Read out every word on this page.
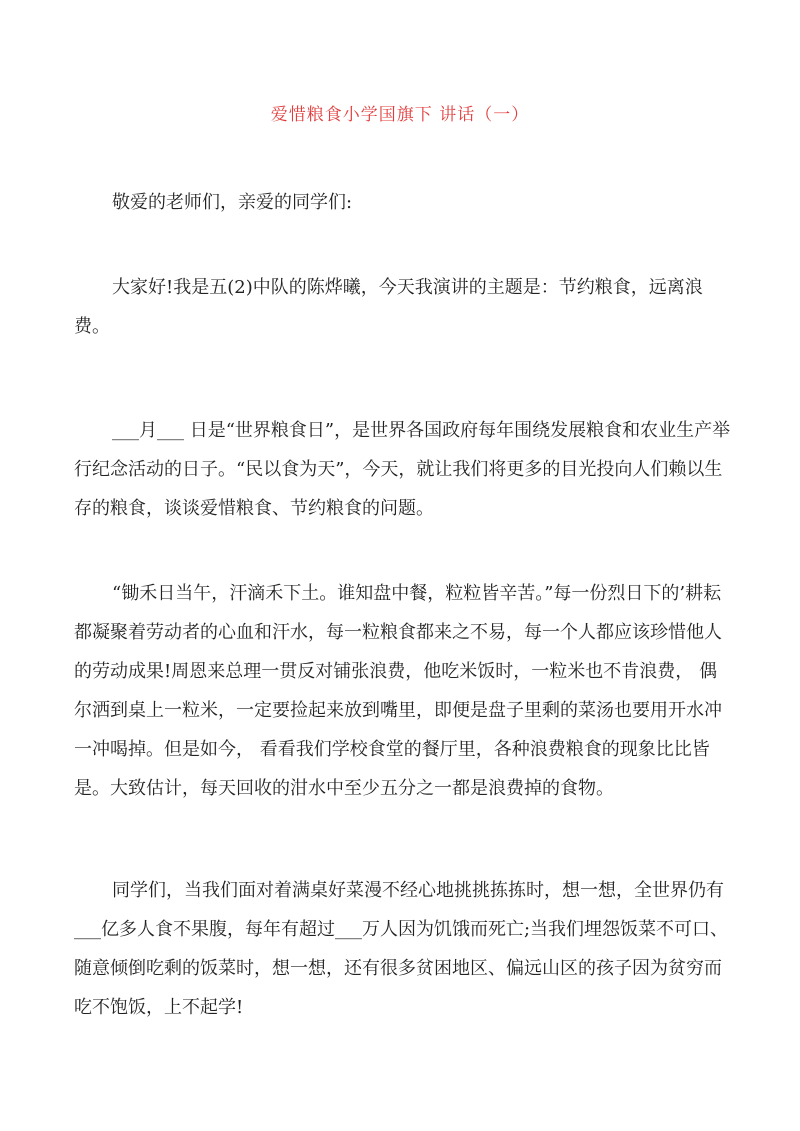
爱惜粮食小学国旗下 讲话（一）

敬爱的老师们，亲爱的同学们:

大家好!我是五(2)中队的陈烨曦，今天我演讲的主题是：节约粮食，远离浪费。

___月___ 日是“世界粮食日”，是世界各国政府每年围绕发展粮食和农业生产举行纪念活动的日子。“民以食为天”，今天，就让我们将更多的目光投向人们赖以生存的粮食，谈谈爱惜粮食、节约粮食的问题。

“锄禾日当午，汗滴禾下土。谁知盘中餐，粒粒皆辛苦。”每一份烈日下的’耕耘都凝聚着劳动者的心血和汗水，每一粒粮食都来之不易，每一个人都应该珍惜他人的劳动成果!周恩来总理一贯反对铺张浪费，他吃米饭时，一粒米也不肯浪费， 偶尔洒到桌上一粒米，一定要捡起来放到嘴里，即便是盘子里剩的菜汤也要用开水冲一冲喝掉。但是如今， 看看我们学校食堂的餐厅里，各种浪费粮食的现象比比皆是。大致估计，每天回收的泔水中至少五分之一都是浪费掉的食物。

同学们，当我们面对着满桌好菜漫不经心地挑挑拣拣时，想一想，全世界仍有___亿多人食不果腹，每年有超过___万人因为饥饿而死亡;当我们埋怨饭菜不可口、随意倾倒吃剩的饭菜时，想一想，还有很多贫困地区、偏远山区的孩子因为贫穷而吃不饱饭，上不起学!
